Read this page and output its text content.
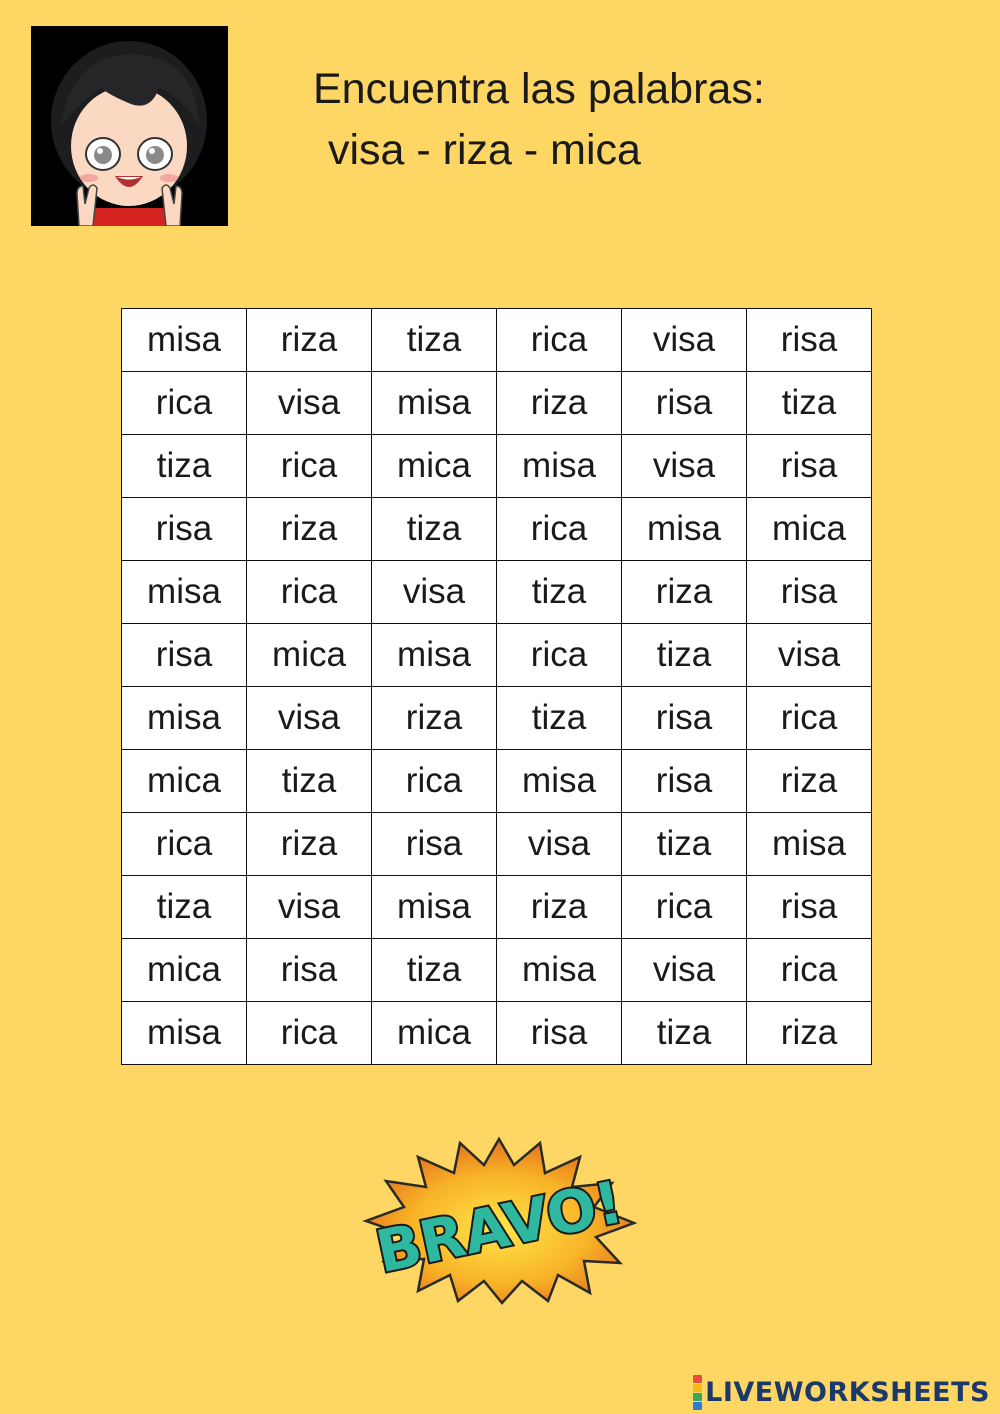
Encuentra las palabras:
visa - riza - mica
misa	riza	tiza	rica	visa	risa
rica	visa	misa	riza	risa	tiza
tiza	rica	mica	misa	visa	risa
risa	riza	tiza	rica	misa	mica
misa	rica	visa	tiza	riza	risa
risa	mica	misa	rica	tiza	visa
misa	visa	riza	tiza	risa	rica
mica	tiza	rica	misa	risa	riza
rica	riza	risa	visa	tiza	misa
tiza	visa	misa	riza	rica	risa
mica	risa	tiza	misa	visa	rica
misa	rica	mica	risa	tiza	riza
BRAVO!
LIVEWORKSHEETS
